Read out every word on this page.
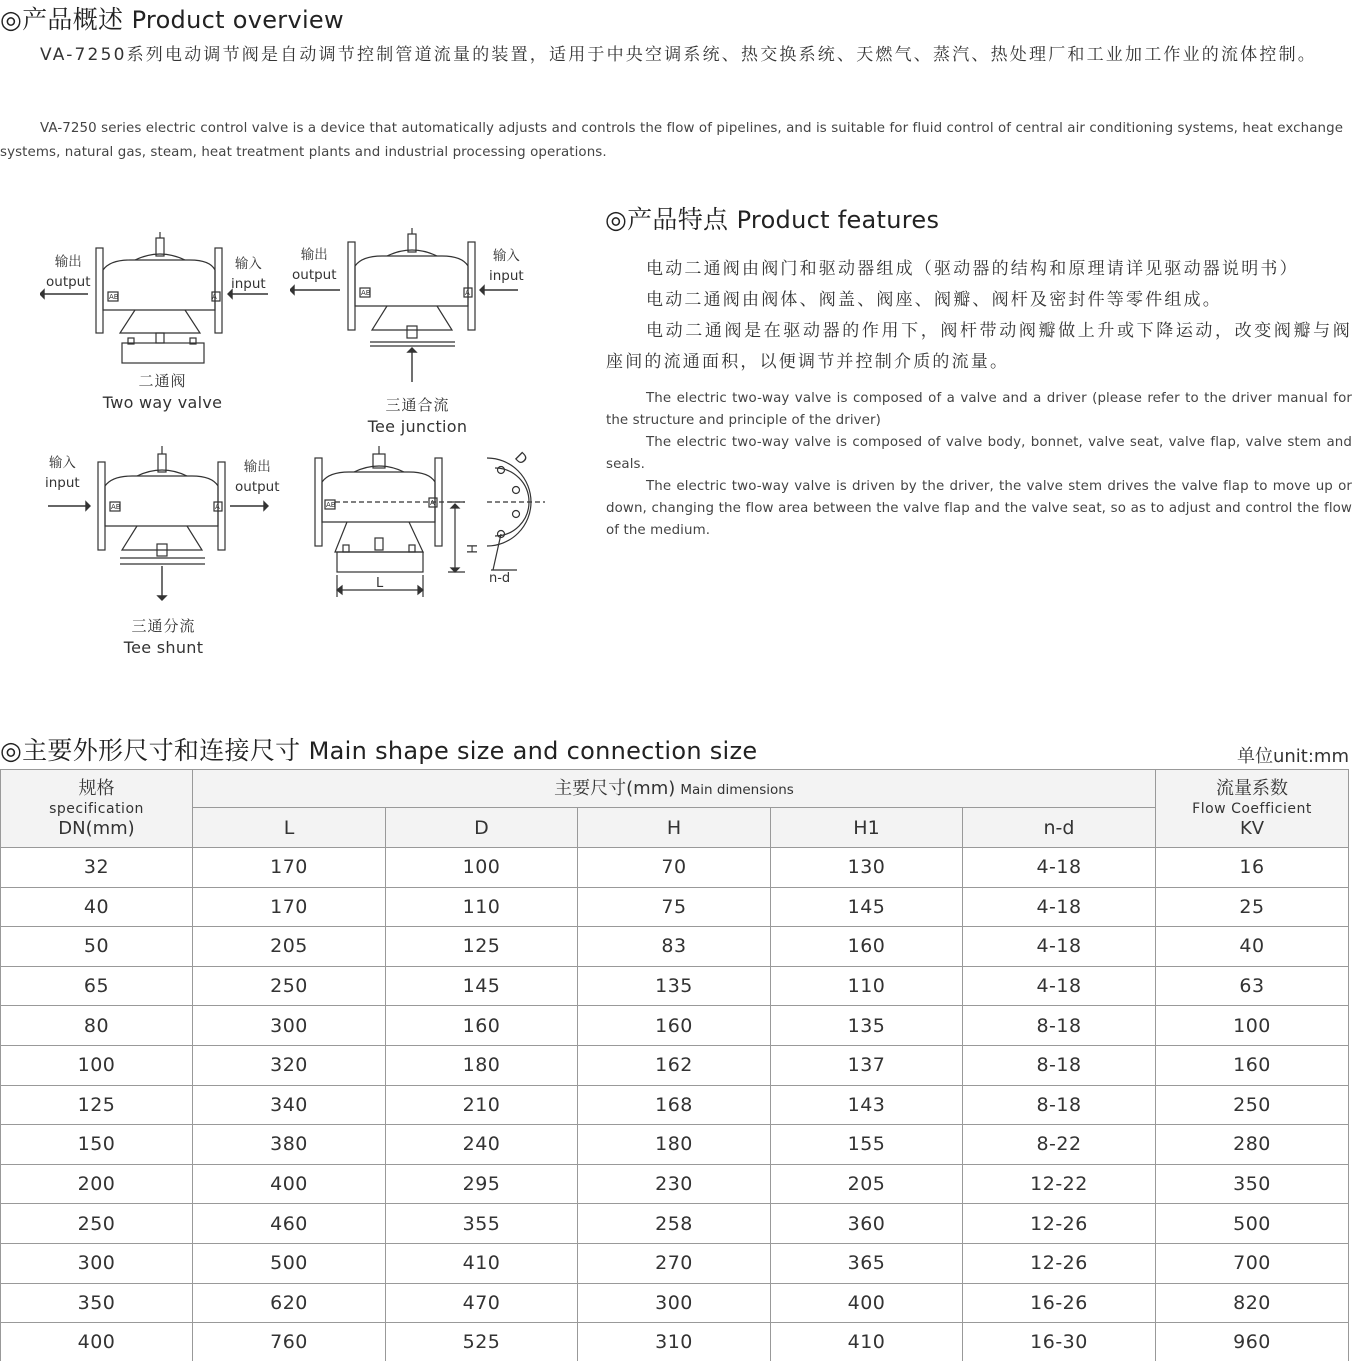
◎产品概述 Product overview

VA-7250系列电动调节阀是自动调节控制管道流量的装置，适用于中央空调系统、热交换系统、天燃气、蒸汽、热处理厂和工业加工作业的流体控制。

VA-7250 series electric control valve is a device that automatically adjusts and controls the flow of pipelines, and is suitable for fluid control of central air conditioning systems, heat exchange systems, natural gas, steam, heat treatment plants and industrial processing operations.

AB	A
输出
output
输入
input
二通阀
Two way valve
AB	A
输出
output
输入
input
三通合流
Tee junction
AB	A
输入
input
输出
output
三通分流
Tee shunt
AB	A
L
H
D
n-d
◎产品特点 Product features

电动二通阀由阀门和驱动器组成（驱动器的结构和原理请详见驱动器说明书）

电动二通阀由阀体、阀盖、阀座、阀瓣、阀杆及密封件等零件组成。

电动二通阀是在驱动器的作用下，阀杆带动阀瓣做上升或下降运动，改变阀瓣与阀座间的流通面积，以便调节并控制介质的流量。

The electric two-way valve is composed of a valve and a driver (please refer to the driver manual for the structure and principle of the driver)

The electric two-way valve is composed of valve body, bonnet, valve seat, valve flap, valve stem and seals.

The electric two-way valve is driven by the driver, the valve stem drives the valve flap to move up or down, changing the flow area between the valve flap and the valve seat, so as to adjust and control the flow of the medium.

◎主要外形尺寸和连接尺寸 Main shape size and connection size	单位unit:mm
规格
specification
DN(mm)	主要尺寸(mm) Main dimensions					流量系数
Flow Coefficient
KV

	L	D	H	H1	n-d	
32	170	100	70	130	4-18	16
40	170	110	75	145	4-18	25
50	205	125	83	160	4-18	40
65	250	145	135	110	4-18	63
80	300	160	160	135	8-18	100
100	320	180	162	137	8-18	160
125	340	210	168	143	8-18	250
150	380	240	180	155	8-22	280
200	400	295	230	205	12-22	350
250	460	355	258	360	12-26	500
300	500	410	270	365	12-26	700
350	620	470	300	400	16-26	820
400	760	525	310	410	16-30	960
